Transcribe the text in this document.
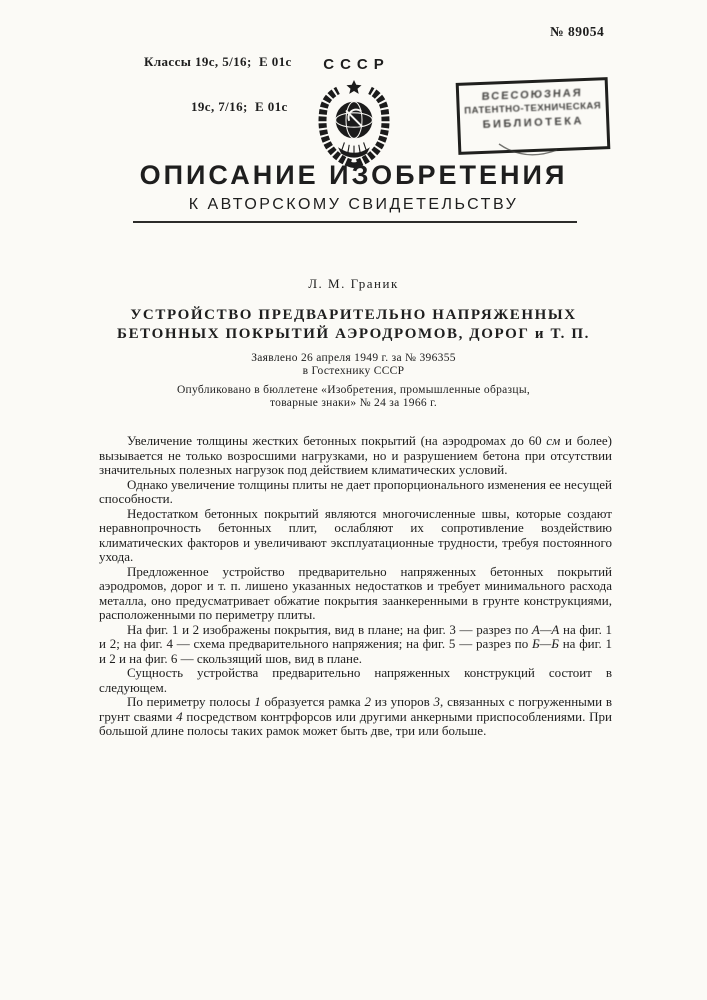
Классы 19с, 5/16;  Е 01с

19с, 7/16;  Е 01с

№ 89054
СССР
ВСЕСОЮЗНАЯ
ПАТЕНТНО-ТЕХНИЧЕСКАЯ
БИБЛИОТЕКА
ОПИСАНИЕ ИЗОБРЕТЕНИЯ
К АВТОРСКОМУ СВИДЕТЕЛЬСТВУ
Л. М. Граник
УСТРОЙСТВО ПРЕДВАРИТЕЛЬНО НАПРЯЖЕННЫХ
БЕТОННЫХ ПОКРЫТИЙ АЭРОДРОМОВ, ДОРОГ и Т. П.
Заявлено 26 апреля 1949 г. за № 396355
в Гостехнику СССР
Опубликовано в бюллетене «Изобретения, промышленные образцы,
товарные знаки» № 24 за 1966 г.

Увеличение толщины жестких бетонных покрытий (на аэродромах до 60 см и более) вызывается не только возросшими нагрузками, но и разрушением бетона при отсутствии значительных полезных нагрузок под действием климатических условий.

Однако увеличение толщины плиты не дает пропорционального изменения ее несущей способности.

Недостатком бетонных покрытий являются многочисленные швы, которые создают неравнопрочность бетонных плит, ослабляют их сопротивление воздействию климатических факторов и увеличивают эксплуатационные трудности, требуя постоянного ухода.

Предложенное устройство предварительно напряженных бетонных покрытий аэродромов, дорог и т. п. лишено указанных недостатков и требует минимального расхода металла, оно предусматривает обжатие покрытия заанкеренными в грунте конструкциями, расположенными по периметру плиты.

На фиг. 1 и 2 изображены покрытия, вид в плане; на фиг. 3 — разрез по А—А на фиг. 1 и 2; на фиг. 4 — схема предварительного напряжения; на фиг. 5 — разрез по Б—Б на фиг. 1 и 2 и на фиг. 6 — скользящий шов, вид в плане.

Сущность устройства предварительно напряженных конструкций состоит в следующем.

По периметру полосы 1 образуется рамка 2 из упоров 3, связанных с погруженными в грунт сваями 4 посредством контрфорсов или другими анкерными приспособлениями. При большой длине полосы таких рамок может быть две, три или больше.
